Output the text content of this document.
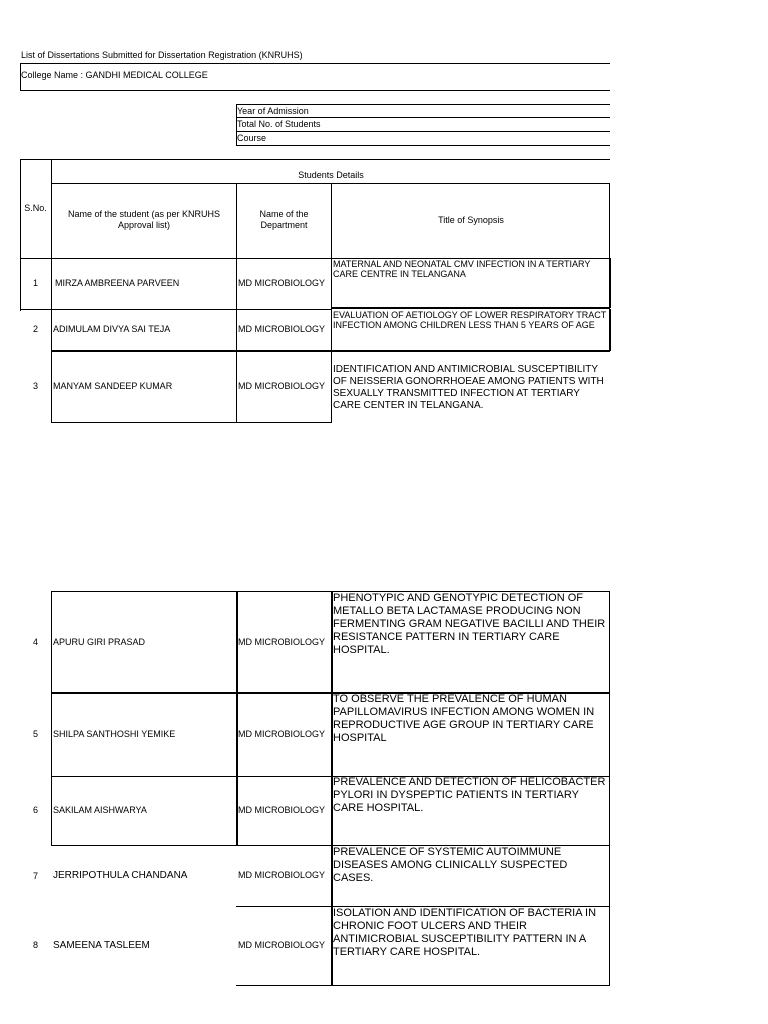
List of Dissertations Submitted for Dissertation Registration (KNRUHS)
College Name : GANDHI MEDICAL COLLEGE
Year of Admission
Total No. of Students
Course
Students Details
S.No.
Name of the student (as per KNRUHS Approval list)
Name of the Department
Title of Synopsis
1	MIRZA AMBREENA PARVEEN	MD MICROBIOLOGY
MATERNAL AND NEONATAL CMV INFECTION IN A TERTIARY CARE CENTRE IN TELANGANA
2	ADIMULAM DIVYA SAI TEJA	MD MICROBIOLOGY
EVALUATION OF AETIOLOGY OF LOWER RESPIRATORY TRACT INFECTION AMONG CHILDREN LESS THAN 5 YEARS OF AGE
3	MANYAM SANDEEP KUMAR	MD MICROBIOLOGY
IDENTIFICATION AND ANTIMICROBIAL SUSCEPTIBILITY OF NEISSERIA GONORRHOEAE AMONG PATIENTS WITH SEXUALLY TRANSMITTED INFECTION AT TERTIARY CARE CENTER IN TELANGANA.
4	APURU GIRI PRASAD	MD MICROBIOLOGY
PHENOTYPIC AND GENOTYPIC DETECTION OF METALLO BETA LACTAMASE PRODUCING NON FERMENTING GRAM NEGATIVE BACILLI AND THEIR RESISTANCE PATTERN IN TERTIARY CARE HOSPITAL.
5	SHILPA SANTHOSHI YEMIKE	MD MICROBIOLOGY
TO OBSERVE THE PREVALENCE OF HUMAN PAPILLOMAVIRUS INFECTION AMONG WOMEN IN REPRODUCTIVE AGE GROUP IN TERTIARY CARE HOSPITAL
6	SAKILAM AISHWARYA	MD MICROBIOLOGY
PREVALENCE AND DETECTION OF HELICOBACTER PYLORI IN DYSPEPTIC PATIENTS IN TERTIARY CARE HOSPITAL.
7	JERRIPOTHULA CHANDANA	MD MICROBIOLOGY
PREVALENCE OF SYSTEMIC AUTOIMMUNE DISEASES AMONG CLINICALLY SUSPECTED CASES.
8	SAMEENA TASLEEM	MD MICROBIOLOGY
ISOLATION AND IDENTIFICATION OF BACTERIA IN CHRONIC FOOT ULCERS AND THEIR ANTIMICROBIAL SUSCEPTIBILITY PATTERN IN A TERTIARY CARE HOSPITAL.
